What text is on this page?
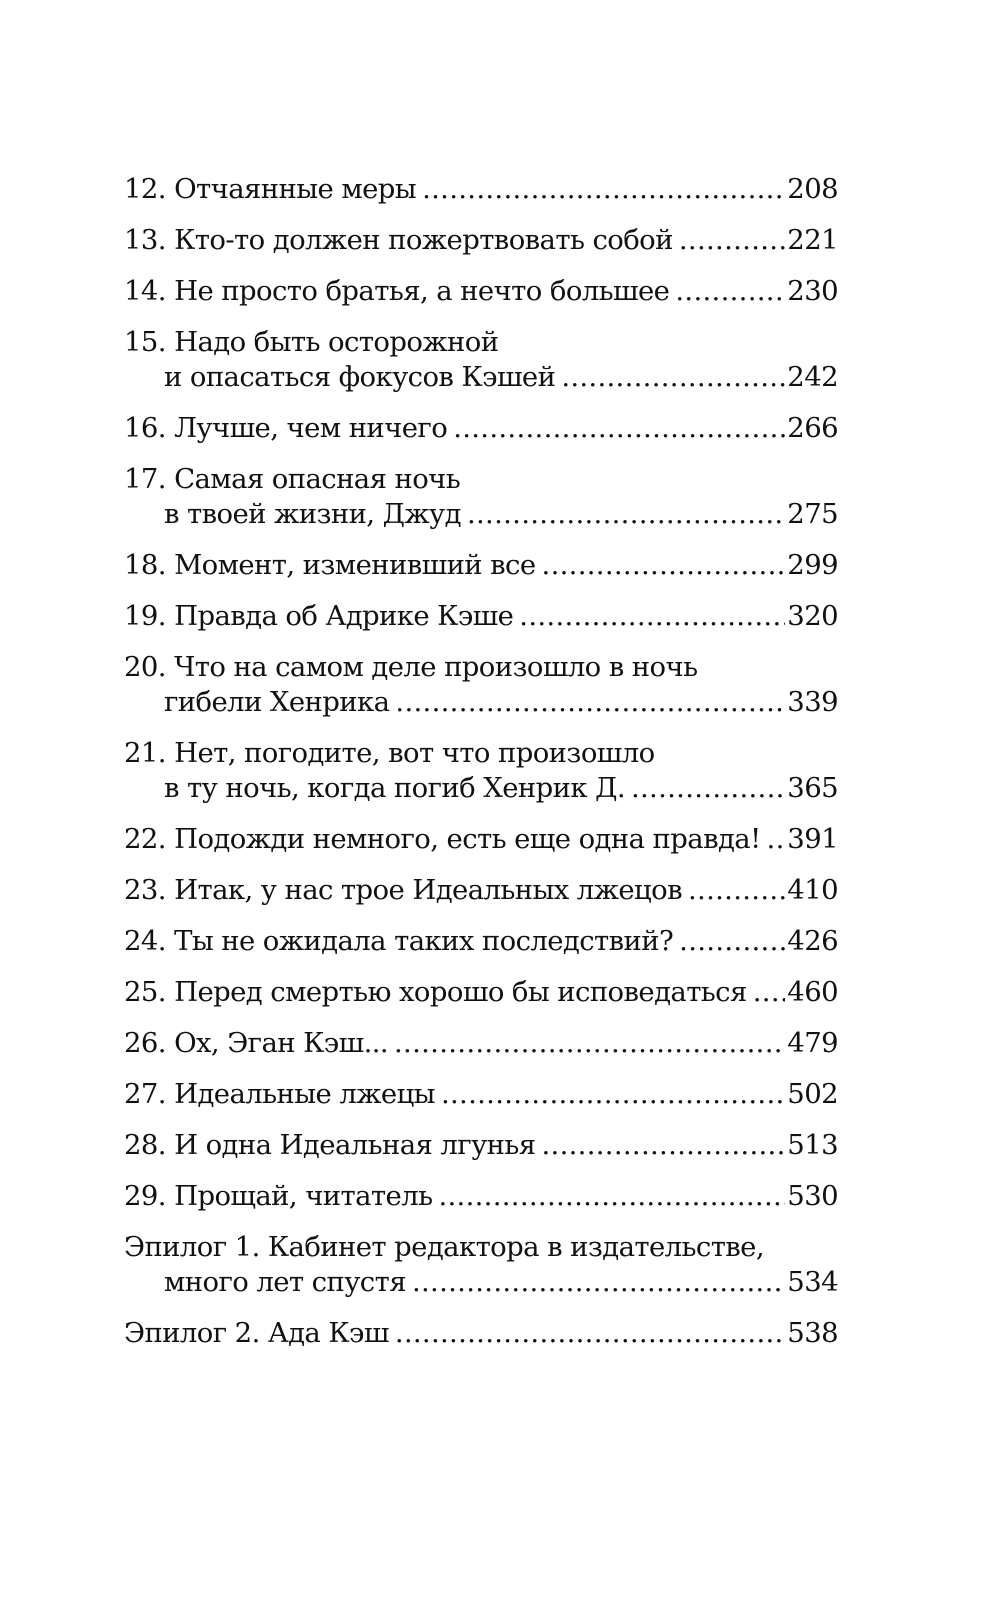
12. Отчаянные меры .....	208
13. Кто-то должен пожертвовать собой .....	221
14. Не просто братья, а нечто большее .....	230
15. Надо быть осторожной
и опасаться фокусов Кэшей .....	242
16. Лучше, чем ничего .....	266
17. Самая опасная ночь
в твоей жизни, Джуд .....	275
18. Момент, изменивший все .....	299
19. Правда об Адрике Кэше .....	320
20. Что на самом деле произошло в ночь
гибели Хенрика .....	339
21. Нет, погодите, вот что произошло
в ту ночь, когда погиб Хенрик Д. .....	365
22. Подожди немного, есть еще одна правда! ..... 391
23. Итак, у нас трое Идеальных лжецов .....	410
24. Ты не ожидала таких последствий? .....	426
25. Перед смертью хорошо бы исповедаться ..... 460
26. Ох, Эган Кэш... .....	479
27. Идеальные лжецы .....	502
28. И одна Идеальная лгунья .....	513
29. Прощай, читатель .....	530
Эпилог 1. Кабинет редактора в издательстве,
много лет спустя .....	534
Эпилог 2. Ада Кэш .....	538
